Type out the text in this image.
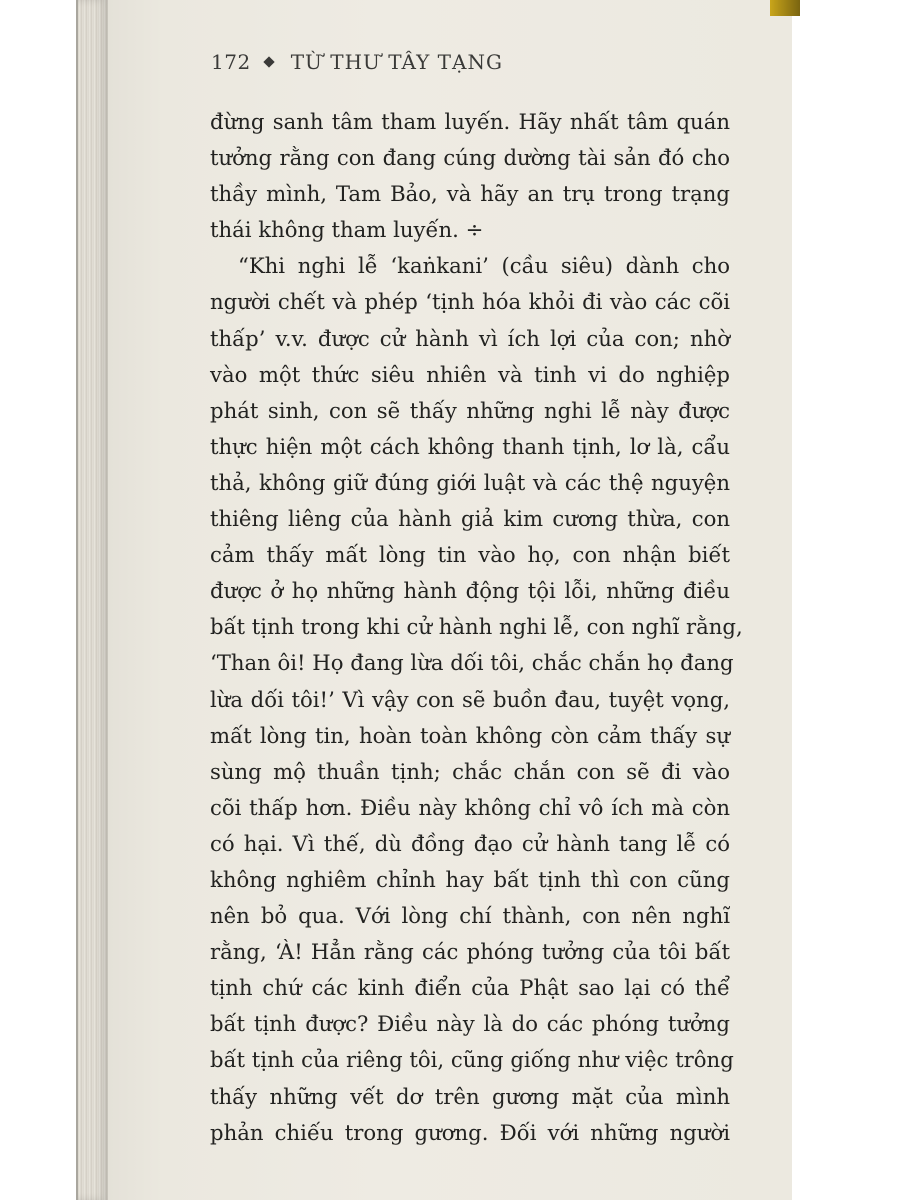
172 TỪ THƯ TÂY TẠNG
đừng sanh tâm tham luyến. Hãy nhất tâm quán
tưởng rằng con đang cúng dường tài sản đó cho
thầy mình, Tam Bảo, và hãy an trụ trong trạng
thái không tham luyến. ÷
“Khi nghi lễ ‘kaṅkani’ (cầu siêu) dành cho
người chết và phép ‘tịnh hóa khỏi đi vào các cõi
thấp’ v.v. được cử hành vì ích lợi của con; nhờ
vào một thức siêu nhiên và tinh vi do nghiệp
phát sinh, con sẽ thấy những nghi lễ này được
thực hiện một cách không thanh tịnh, lơ là, cẩu
thả, không giữ đúng giới luật và các thệ nguyện
thiêng liêng của hành giả kim cương thừa, con
cảm thấy mất lòng tin vào họ, con nhận biết
được ở họ những hành động tội lỗi, những điều
bất tịnh trong khi cử hành nghi lễ, con nghĩ rằng,
‘Than ôi! Họ đang lừa dối tôi, chắc chắn họ đang
lừa dối tôi!’ Vì vậy con sẽ buồn đau, tuyệt vọng,
mất lòng tin, hoàn toàn không còn cảm thấy sự
sùng mộ thuần tịnh; chắc chắn con sẽ đi vào
cõi thấp hơn. Điều này không chỉ vô ích mà còn
có hại. Vì thế, dù đồng đạo cử hành tang lễ có
không nghiêm chỉnh hay bất tịnh thì con cũng
nên bỏ qua. Với lòng chí thành, con nên nghĩ
rằng, ‘À! Hẳn rằng các phóng tưởng của tôi bất
tịnh chứ các kinh điển của Phật sao lại có thể
bất tịnh được? Điều này là do các phóng tưởng
bất tịnh của riêng tôi, cũng giống như việc trông
thấy những vết dơ trên gương mặt của mình
phản chiếu trong gương. Đối với những người
